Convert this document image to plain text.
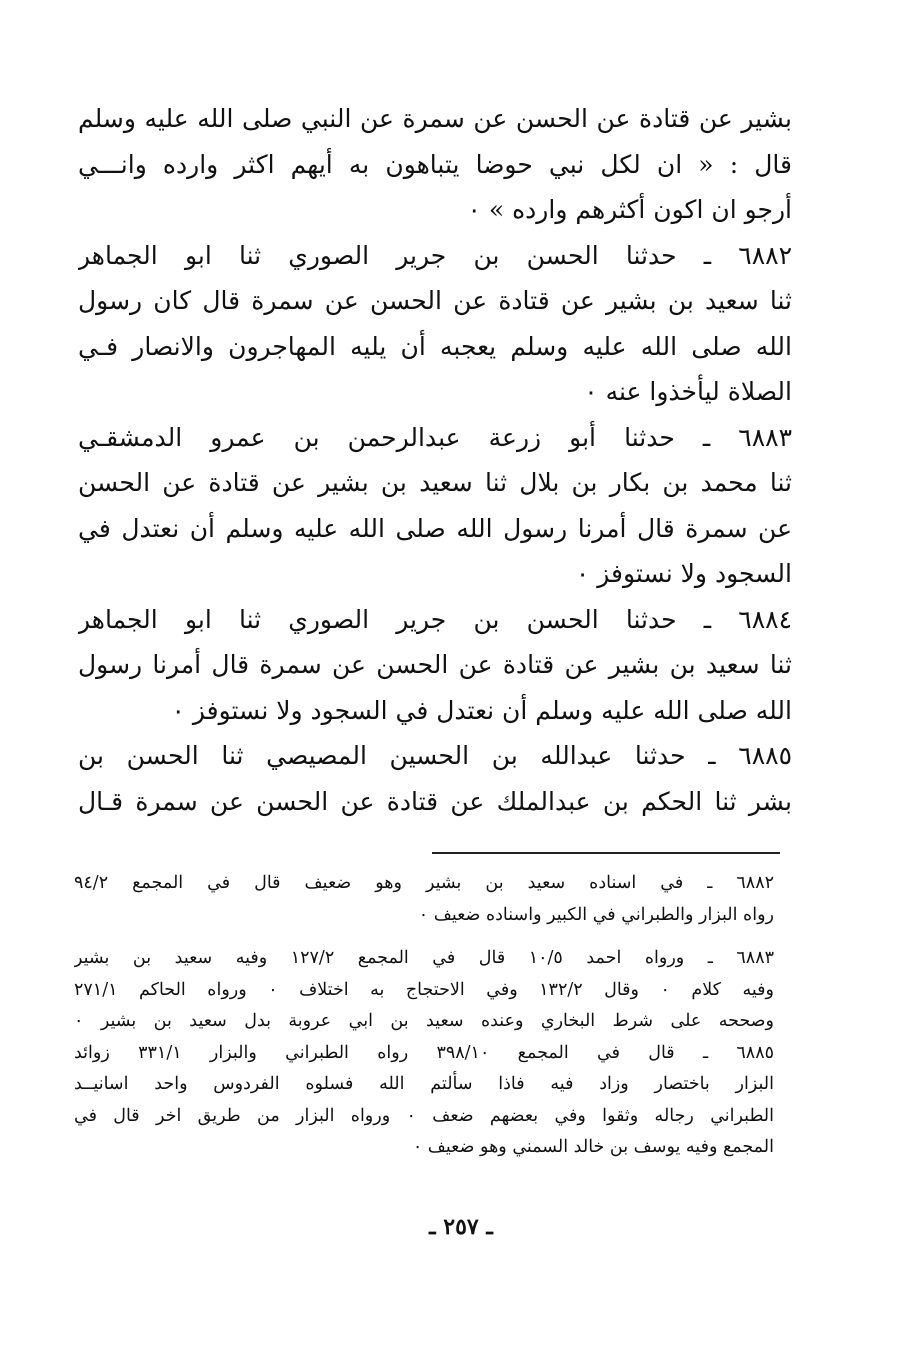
بشير عن قتادة عن الحسن عن سمرة عن النبي صلى الله عليه وسلم
قال : « ان لكل نبي حوضا يتباهون به أيهم اكثر وارده وانـــي
أرجو ان اكون أكثرهم وارده » ٠
٦٨٨٢ ـ حدثنا الحسن بن جرير الصوري ثنا ابو الجماهر
ثنا سعيد بن بشير عن قتادة عن الحسن عن سمرة قال كان رسول
الله صلى الله عليه وسلم يعجبه أن يليه المهاجرون والانصار فـي
الصلاة ليأخذوا عنه ٠
٦٨٨٣ ـ حدثنا أبو زرعة عبدالرحمن بن عمرو الدمشقـي
ثنا محمد بن بكار بن بلال ثنا سعيد بن بشير عن قتادة عن الحسن
عن سمرة قال أمرنا رسول الله صلى الله عليه وسلم أن نعتدل في
السجود ولا نستوفز ٠
٦٨٨٤ ـ حدثنا الحسن بن جرير الصوري ثنا ابو الجماهر
ثنا سعيد بن بشير عن قتادة عن الحسن عن سمرة قال أمرنا رسول
الله صلى الله عليه وسلم أن نعتدل في السجود ولا نستوفز ٠
٦٨٨٥ ـ حدثنا عبدالله بن الحسين المصيصي ثنا الحسن بن
بشر ثنا الحكم بن عبدالملك عن قتادة عن الحسن عن سمرة قـال
٦٨٨٢ ـ في اسناده سعيد بن بشير وهو ضعيف قال في المجمع ٩٤/٢
رواه البزار والطبراني في الكبير واسناده ضعيف ٠
٦٨٨٣ ـ ورواه احمد ١٠/٥ قال في المجمع ١٢٧/٢ وفيه سعيد بن بشير
وفيه كلام ٠ وقال ١٣٢/٢ وفي الاحتجاج به اختلاف ٠ ورواه الحاكم ٢٧١/١
وصححه على شرط البخاري وعنده سعيد بن ابي عروبة بدل سعيد بن بشير ٠
٦٨٨٥ ـ قال في المجمع ٣٩٨/١٠ رواه الطبراني والبزار ٣٣١/١ زوائد
البزار باختصار وزاد فيه فاذا سألتم الله فسلوه الفردوس واحد اسانيــد
الطبراني رجاله وثقوا وفي بعضهم ضعف ٠ ورواه البزار من طريق اخر قال في
المجمع وفيه يوسف بن خالد السمني وهو ضعيف ٠
ـ ٢٥٧ ـ
